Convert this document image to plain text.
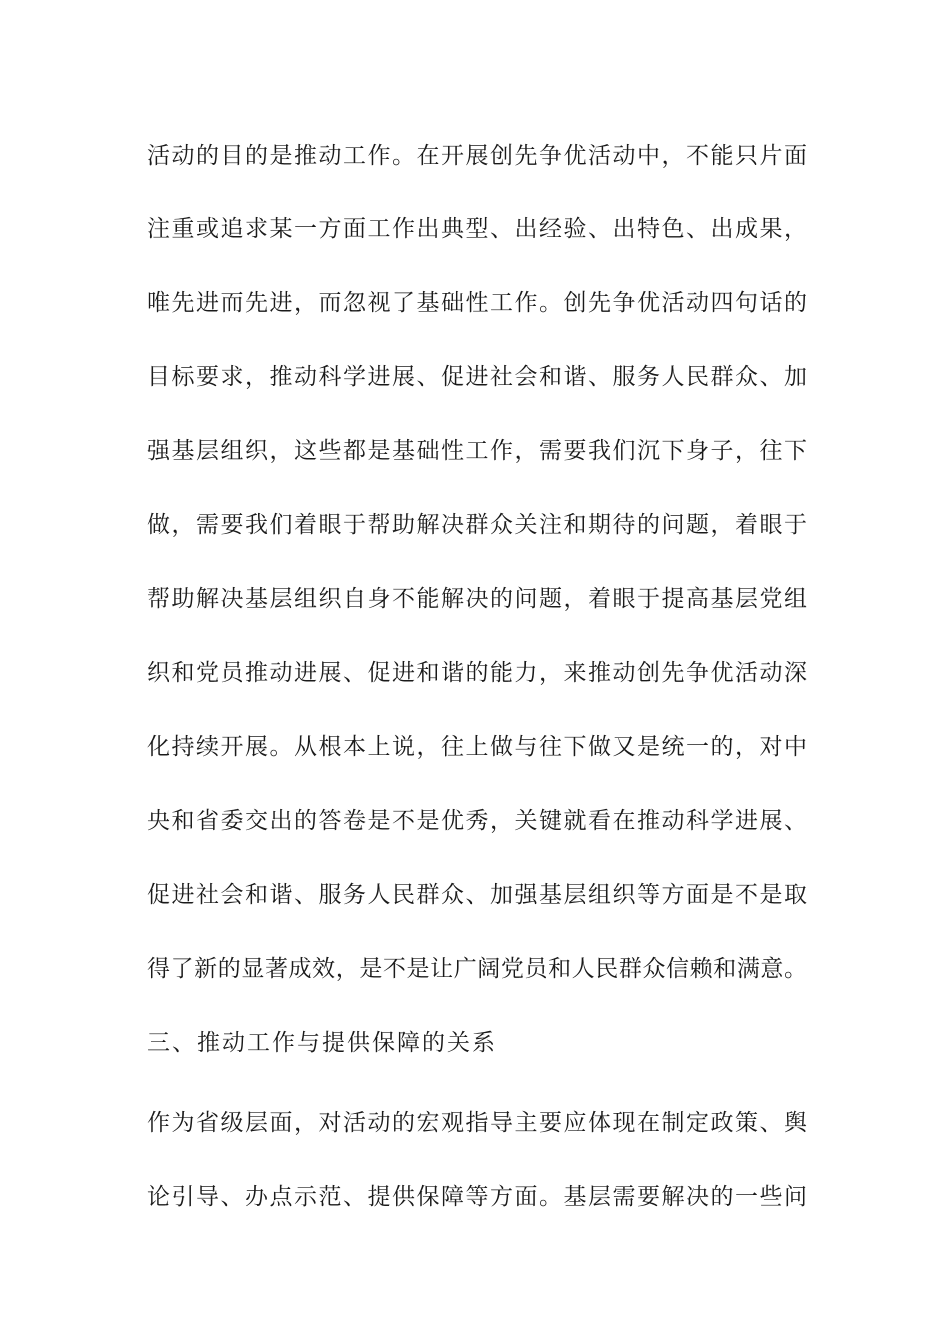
活动的目的是推动工作。在开展创先争优活动中，不能只片面
注重或追求某一方面工作出典型、出经验、出特色、出成果，
唯先进而先进，而忽视了基础性工作。创先争优活动四句话的
目标要求，推动科学进展、促进社会和谐、服务人民群众、加
强基层组织，这些都是基础性工作，需要我们沉下身子，往下
做，需要我们着眼于帮助解决群众关注和期待的问题，着眼于
帮助解决基层组织自身不能解决的问题，着眼于提高基层党组
织和党员推动进展、促进和谐的能力，来推动创先争优活动深
化持续开展。从根本上说，往上做与往下做又是统一的，对中
央和省委交出的答卷是不是优秀，关键就看在推动科学进展、
促进社会和谐、服务人民群众、加强基层组织等方面是不是取
得了新的显著成效，是不是让广阔党员和人民群众信赖和满意。
三、推动工作与提供保障的关系
作为省级层面，对活动的宏观指导主要应体现在制定政策、舆
论引导、办点示范、提供保障等方面。基层需要解决的一些问
